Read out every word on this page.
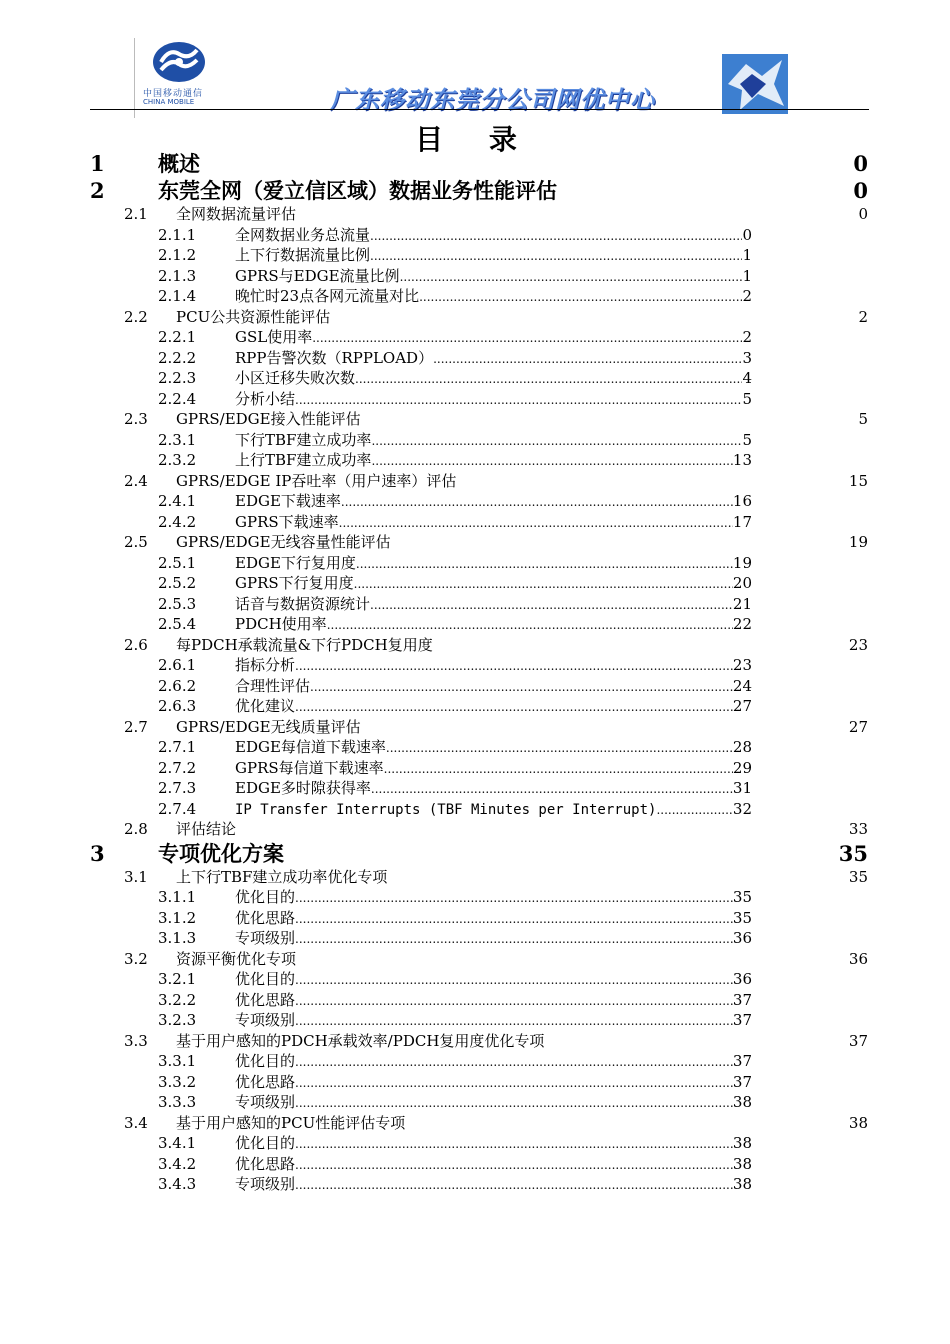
中国移动通信
CHINA MOBILE	广东移动东莞分公司网优中心
目 录
1	概述	0
2	东莞全网（爱立信区域）数据业务性能评估	0
2.1 全网数据流量评估	0
2.1.1	全网数据业务总流量 .....	0
2.1.2	上下行数据流量比例 .....	1
2.1.3	GPRS与EDGE流量比例 .....	1
2.1.4	晚忙时23点各网元流量对比 .....	2
2.2 PCU公共资源性能评估	2
2.2.1	GSL使用率 .....	2
2.2.2	RPP告警次数（RPPLOAD） .....	3
2.2.3	小区迁移失败次数 .....	4
2.2.4	分析小结 .....	5
2.3 GPRS/EDGE接入性能评估	5
2.3.1	下行TBF建立成功率 .....	5
2.3.2	上行TBF建立成功率 .....	13
2.4 GPRS/EDGE IP吞吐率（用户速率）评估	15
2.4.1	EDGE下载速率 .....	16
2.4.2	GPRS下载速率 .....	17
2.5 GPRS/EDGE无线容量性能评估	19
2.5.1	EDGE下行复用度 .....	19
2.5.2	GPRS下行复用度 .....	20
2.5.3	话音与数据资源统计 .....	21
2.5.4	PDCH使用率 .....	22
2.6 每PDCH承载流量&下行PDCH复用度	23
2.6.1	指标分析 .....	23
2.6.2	合理性评估 .....	24
2.6.3	优化建议 .....	27
2.7 GPRS/EDGE无线质量评估	27
2.7.1	EDGE每信道下载速率 .....	28
2.7.2	GPRS每信道下载速率 .....	29
2.7.3	EDGE多时隙获得率 .....	31
2.7.4	IP Transfer Interrupts (TBF Minutes per Interrupt) .....	32
2.8 评估结论	33
3	专项优化方案	35
3.1 上下行TBF建立成功率优化专项	35
3.1.1	优化目的 .....	35
3.1.2	优化思路 .....	35
3.1.3	专项级别 .....	36
3.2 资源平衡优化专项	36
3.2.1	优化目的 .....	36
3.2.2	优化思路 .....	37
3.2.3	专项级别 .....	37
3.3 基于用户感知的PDCH承载效率/PDCH复用度优化专项	37
3.3.1	优化目的 .....	37
3.3.2	优化思路 .....	37
3.3.3	专项级别 .....	38
3.4 基于用户感知的PCU性能评估专项	38
3.4.1	优化目的 .....	38
3.4.2	优化思路 .....	38
3.4.3	专项级别 .....	38
